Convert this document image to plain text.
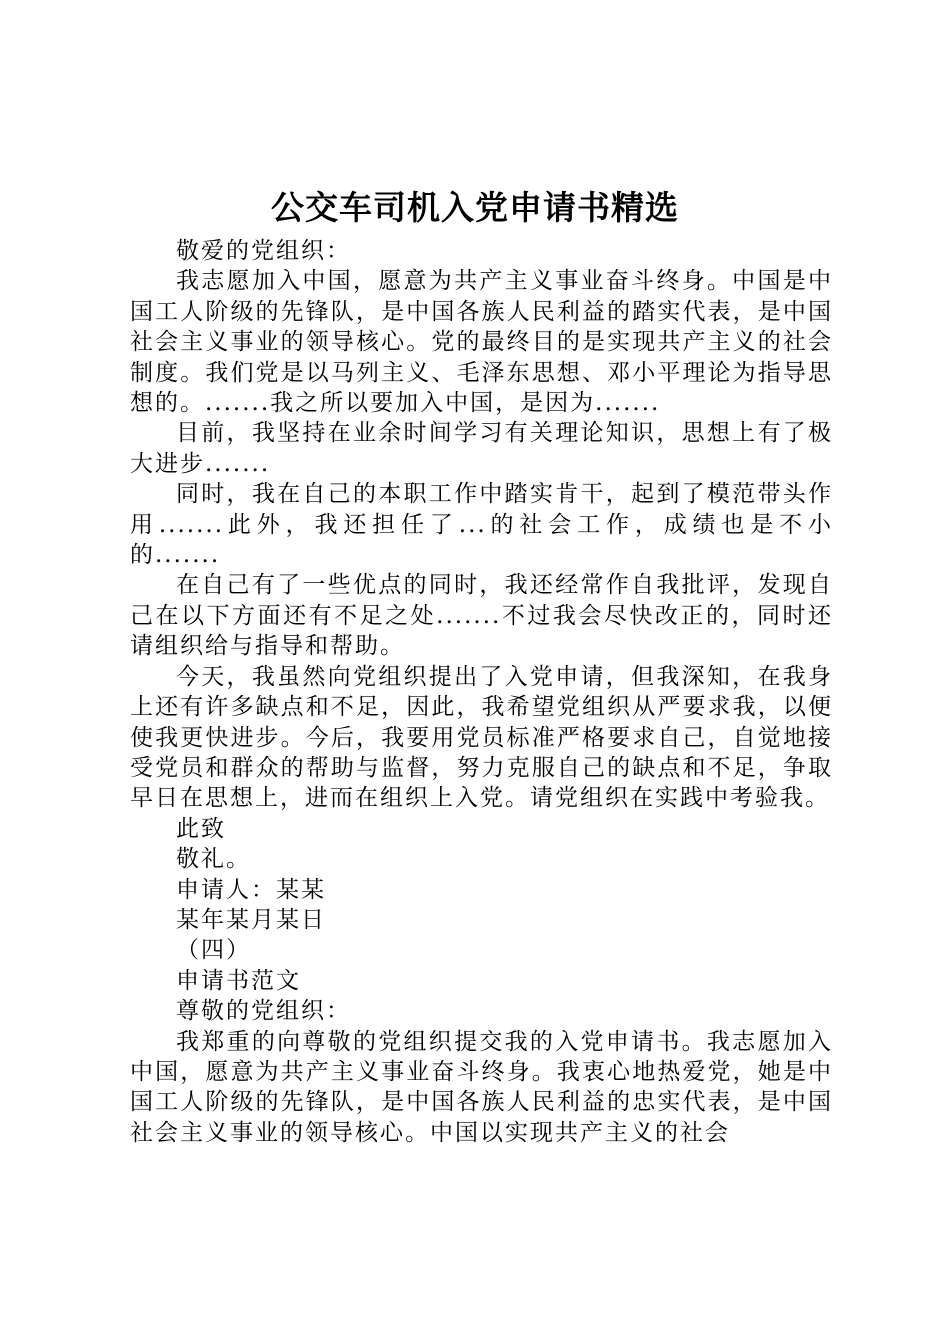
公交车司机入党申请书精选

敬爱的党组织：

我志愿加入中国，愿意为共产主义事业奋斗终身。中国是中国工人阶级的先锋队，是中国各族人民利益的踏实代表，是中国社会主义事业的领导核心。党的最终目的是实现共产主义的社会制度。我们党是以马列主义、毛泽东思想、邓小平理论为指导思想的。.......我之所以要加入中国，是因为.......

目前，我坚持在业余时间学习有关理论知识，思想上有了极大进步.......

同时，我在自己的本职工作中踏实肯干，起到了模范带头作用.......此外，我还担任了...的社会工作，成绩也是不小的.......

在自己有了一些优点的同时，我还经常作自我批评，发现自己在以下方面还有不足之处.......不过我会尽快改正的，同时还请组织给与指导和帮助。

今天，我虽然向党组织提出了入党申请，但我深知，在我身上还有许多缺点和不足，因此，我希望党组织从严要求我，以便使我更快进步。今后，我要用党员标准严格要求自己，自觉地接受党员和群众的帮助与监督，努力克服自己的缺点和不足，争取早日在思想上，进而在组织上入党。请党组织在实践中考验我。

此致

敬礼。

申请人：某某

某年某月某日

（四）

申请书范文

尊敬的党组织：

我郑重的向尊敬的党组织提交我的入党申请书。我志愿加入中国，愿意为共产主义事业奋斗终身。我衷心地热爱党，她是中国工人阶级的先锋队，是中国各族人民利益的忠实代表，是中国社会主义事业的领导核心。中国以实现共产主义的社会
